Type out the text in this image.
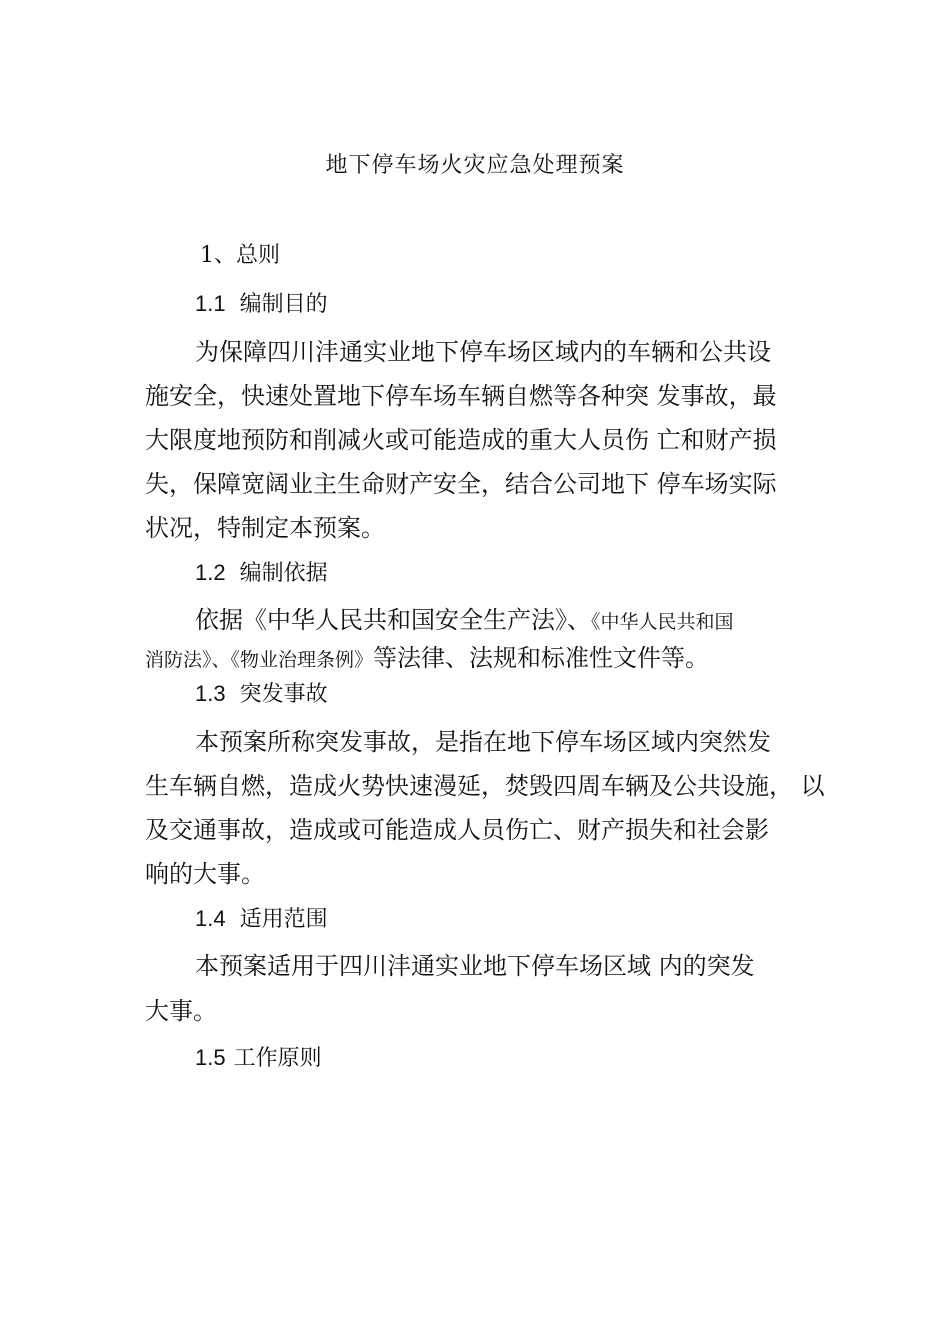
地下停车场火灾应急处理预案
1、总则
1.1 编制目的
为保障四川沣通实业地下停车场区域内的车辆和公共设
施安全，快速处置地下停车场车辆自燃等各种突 发事故，最
大限度地预防和削减火或可能造成的重大人员伤 亡和财产损
失，保障宽阔业主生命财产安全，结合公司地下 停车场实际
状况，特制定本预案。
1.2 编制依据
依据《中华人民共和国安全生产法》、《中华人民共和国
消防法》、《物业治理条例》等法律、法规和标准性文件等。
1.3 突发事故
本预案所称突发事故，是指在地下停车场区域内突然发
生车辆自燃，造成火势快速漫延，焚毁四周车辆及公共设施， 以
及交通事故，造成或可能造成人员伤亡、财产损失和社会影
响的大事。
1.4 适用范围
本预案适用于四川沣通实业地下停车场区域 内的突发
大事。
1.5 工作原则
